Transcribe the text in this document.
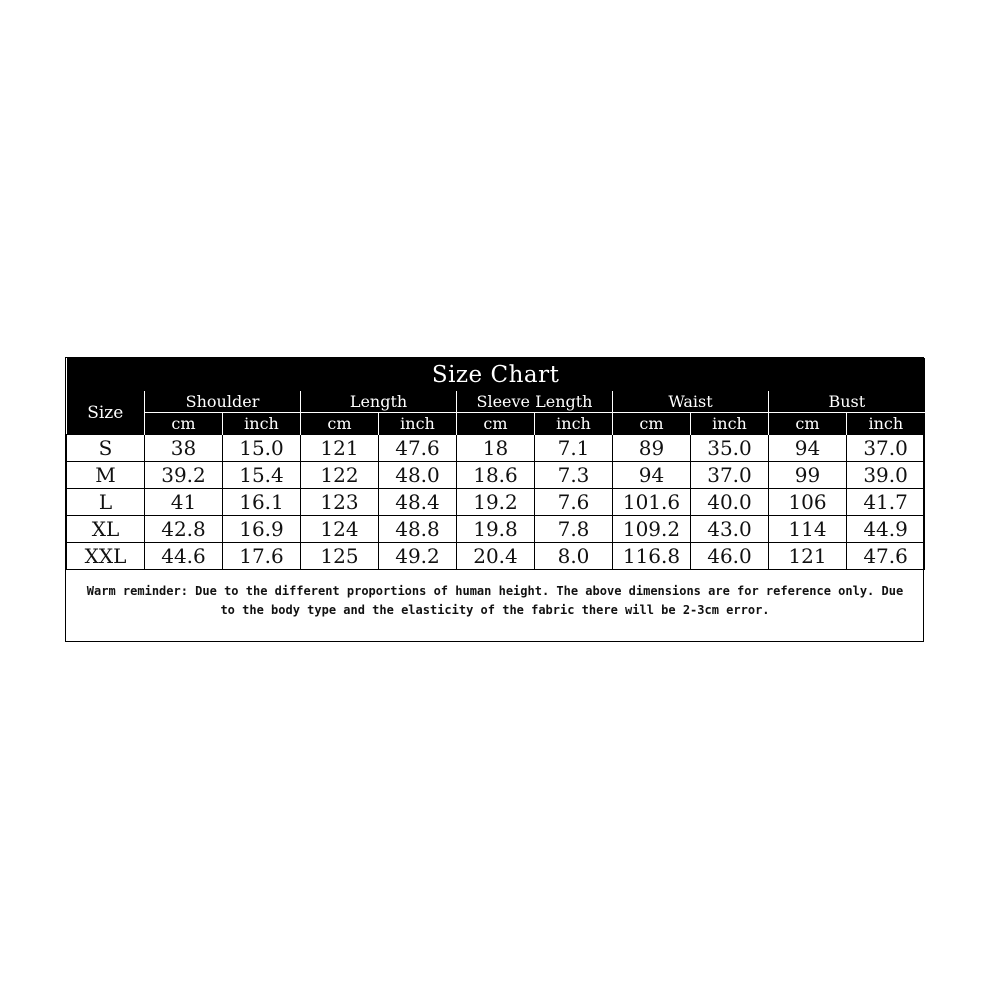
Size Chart										
Size	Shoulder		Length		Sleeve Length		Waist		Bust	
	cm	inch	cm	inch	cm	inch	cm	inch	cm	inch
S	38	15.0	121	47.6	18	7.1	89	35.0	94	37.0
M	39.2	15.4	122	48.0	18.6	7.3	94	37.0	99	39.0
L	41	16.1	123	48.4	19.2	7.6	101.6	40.0	106	41.7
XL	42.8	16.9	124	48.8	19.8	7.8	109.2	43.0	114	44.9
XXL	44.6	17.6	125	49.2	20.4	8.0	116.8	46.0	121	47.6
Warm reminder: Due to the different proportions of human height. The above dimensions are for reference only. Due to the body type and the elasticity of the fabric there will be 2-3cm error.
